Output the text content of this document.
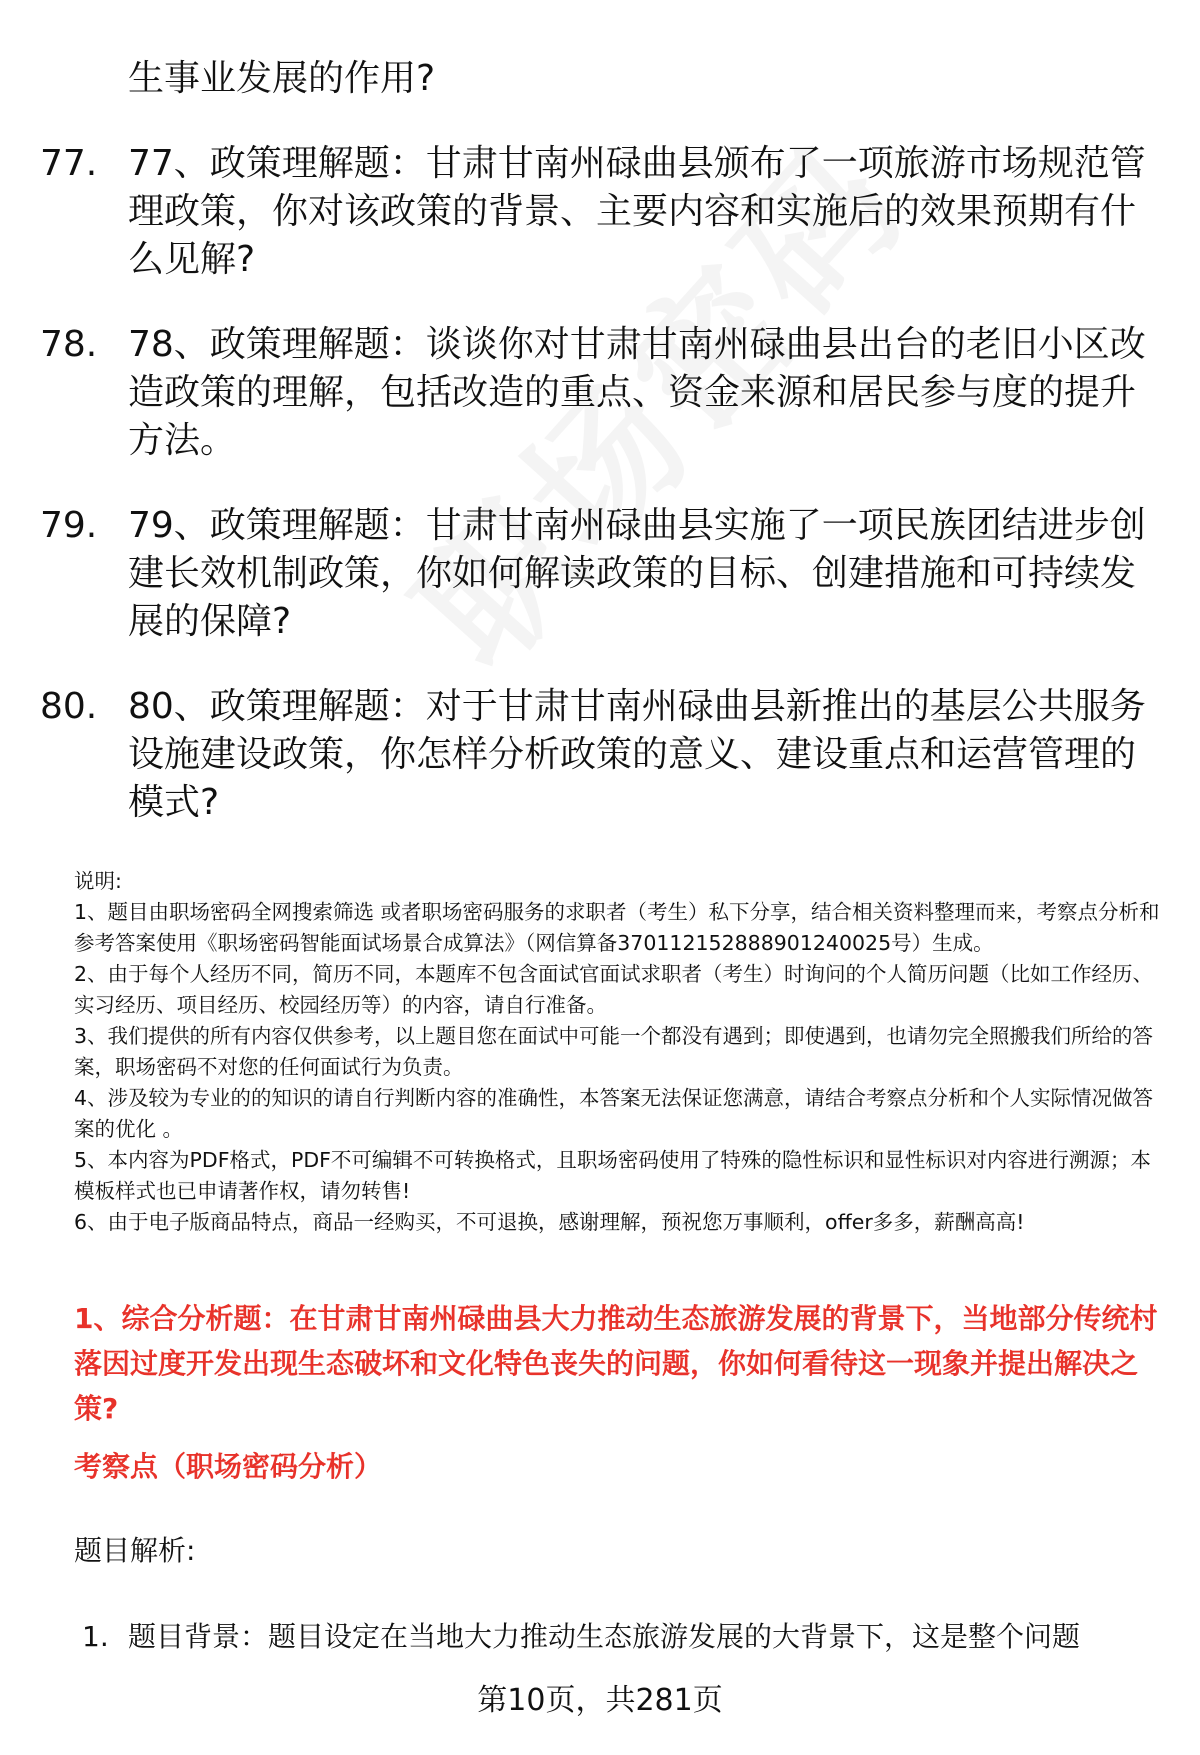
生事业发展的作用?
77. 77、政策理解题：甘肃甘南州碌曲县颁布了一项旅游市场规范管理政策，你对该政策的背景、主要内容和实施后的效果预期有什么见解?
78. 78、政策理解题：谈谈你对甘肃甘南州碌曲县出台的老旧小区改造政策的理解，包括改造的重点、资金来源和居民参与度的提升方法。
79. 79、政策理解题：甘肃甘南州碌曲县实施了一项民族团结进步创建长效机制政策，你如何解读政策的目标、创建措施和可持续发展的保障?
80. 80、政策理解题：对于甘肃甘南州碌曲县新推出的基层公共服务设施建设政策，你怎样分析政策的意义、建设重点和运营管理的模式?

说明:

1、题目由职场密码全网搜索筛选 或者职场密码服务的求职者（考生）私下分享，结合相关资料整理而来，考察点分析和参考答案使用《职场密码智能面试场景合成算法》（网信算备370112152888901240025号）生成。

2、由于每个人经历不同，简历不同，本题库不包含面试官面试求职者（考生）时询问的个人简历问题（比如工作经历、实习经历、项目经历、校园经历等）的内容，请自行准备。

3、我们提供的所有内容仅供参考，以上题目您在面试中可能一个都没有遇到；即使遇到，也请勿完全照搬我们所给的答案，职场密码不对您的任何面试行为负责。

4、涉及较为专业的的知识的请自行判断内容的准确性，本答案无法保证您满意，请结合考察点分析和个人实际情况做答案的优化 。

5、本内容为PDF格式，PDF不可编辑不可转换格式，且职场密码使用了特殊的隐性标识和显性标识对内容进行溯源；本模板样式也已申请著作权，请勿转售!

6、由于电子版商品特点，商品一经购买，不可退换，感谢理解，预祝您万事顺利，offer多多，薪酬高高!

1、综合分析题：在甘肃甘南州碌曲县大力推动生态旅游发展的背景下，当地部分传统村落因过度开发出现生态破坏和文化特色丧失的问题，你如何看待这一现象并提出解决之策?

考察点（职场密码分析）

题目解析:

1. 题目背景：题目设定在当地大力推动生态旅游发展的大背景下，这是整个问题
第10页，共281页
